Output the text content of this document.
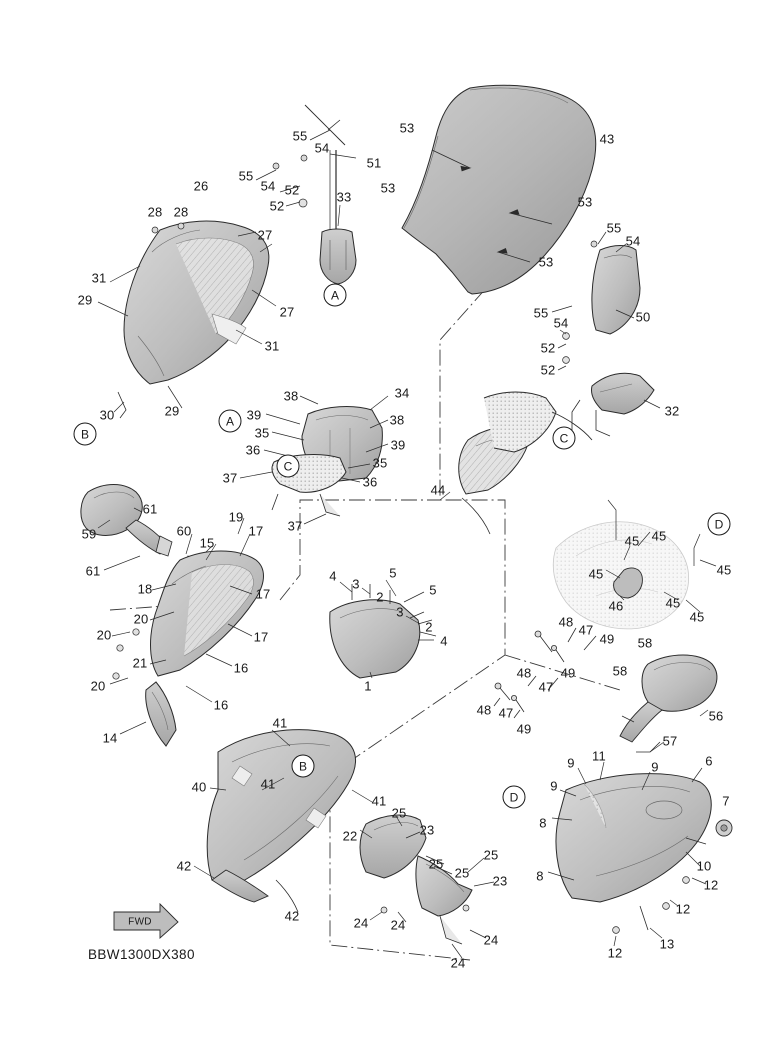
BBW1300DX380
FWD
55
54
53
43
51
55
54 52	53
26
52
33	53
28 28
55
54
27
53
31
29
27	55
54	50
31	52
29
52
30	32
34
38
39
35
38
36	39
37
35
36
44
45
45
37
59
61
19
17
60
15
45	45
61
18	17
46	45
45
4
3
5
2	5
3
20
17
2	48
47
20	49 58
4
16
21
58
20	1
48
47
49
16	48 47
49
56
41
14	57
9 11
9	6
40	41	9
41
25
7
8
22	23
25
25
25
10
42
8
12
23
42	24 24
12
24	13
24
12
A
A
B
C
C
D
B
D
